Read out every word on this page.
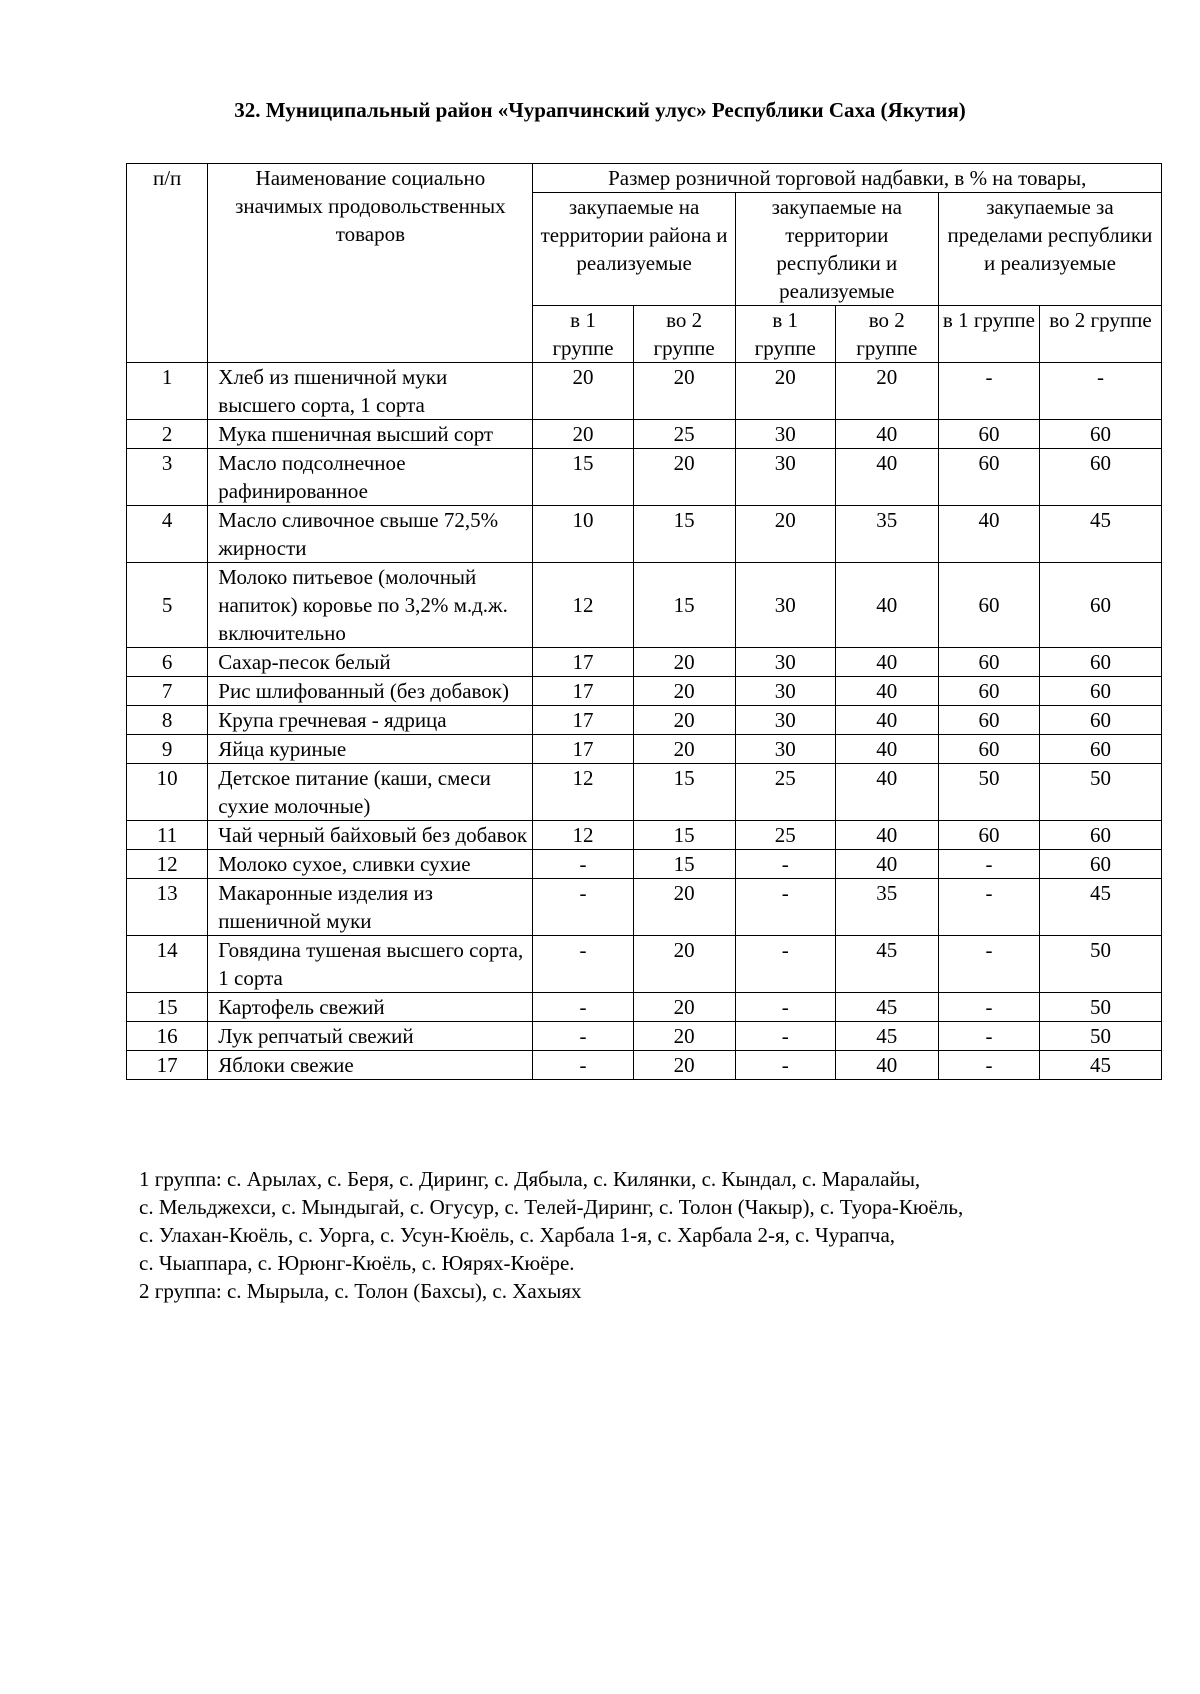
32. Муниципальный район «Чурапчинский улус» Республики Саха (Якутия)
п/п	Наименование социально значимых продовольственных товаров	Размер розничной торговой надбавки, в % на товары,					
		закупаемые на территории района и реализуемые		закупаемые на территории республики и реализуемые		закупаемые за пределами республики и реализуемые	
		в 1 группе	во 2 группе	в 1 группе	во 2 группе	в 1 группе	во 2 группе
1	Хлеб из пшеничной муки высшего сорта, 1 сорта	20	20	20	20	-	-
2	Мука пшеничная высший сорт	20	25	30	40	60	60
3	Масло подсолнечное рафинированное	15	20	30	40	60	60
4	Масло сливочное свыше 72,5% жирности	10	15	20	35	40	45
5	Молоко питьевое (молочный напиток) коровье по 3,2% м.д.ж. включительно	12	15	30	40	60	60
6	Сахар-песок белый	17	20	30	40	60	60
7	Рис шлифованный (без добавок)	17	20	30	40	60	60
8	Крупа гречневая - ядрица	17	20	30	40	60	60
9	Яйца куриные	17	20	30	40	60	60
10	Детское питание (каши, смеси сухие молочные)	12	15	25	40	50	50
11	Чай черный байховый без добавок	12	15	25	40	60	60
12	Молоко сухое, сливки сухие	-	15	-	40	-	60
13	Макаронные изделия из пшеничной муки	-	20	-	35	-	45
14	Говядина тушеная высшего сорта, 1 сорта	-	20	-	45	-	50
15	Картофель свежий	-	20	-	45	-	50
16	Лук репчатый свежий	-	20	-	45	-	50
17	Яблоки свежие	-	20	-	40	-	45

1 группа: с. Арылах, с. Беря, с. Диринг, с. Дябыла, с. Килянки, с. Кындал, с. Маралайы,

с. Мельджехси, с. Мындыгай, с. Огусур, с. Телей-Диринг, с. Толон (Чакыр), с. Туора-Кюёль,

с. Улахан-Кюёль, с. Уорга, с. Усун-Кюёль, с. Харбала 1-я, с. Харбала 2-я, с. Чурапча,

с. Чыаппара, с. Юрюнг-Кюёль, с. Юярях-Кюёре.

2 группа: с. Мырыла, с. Толон (Бахсы), с. Хахыях
